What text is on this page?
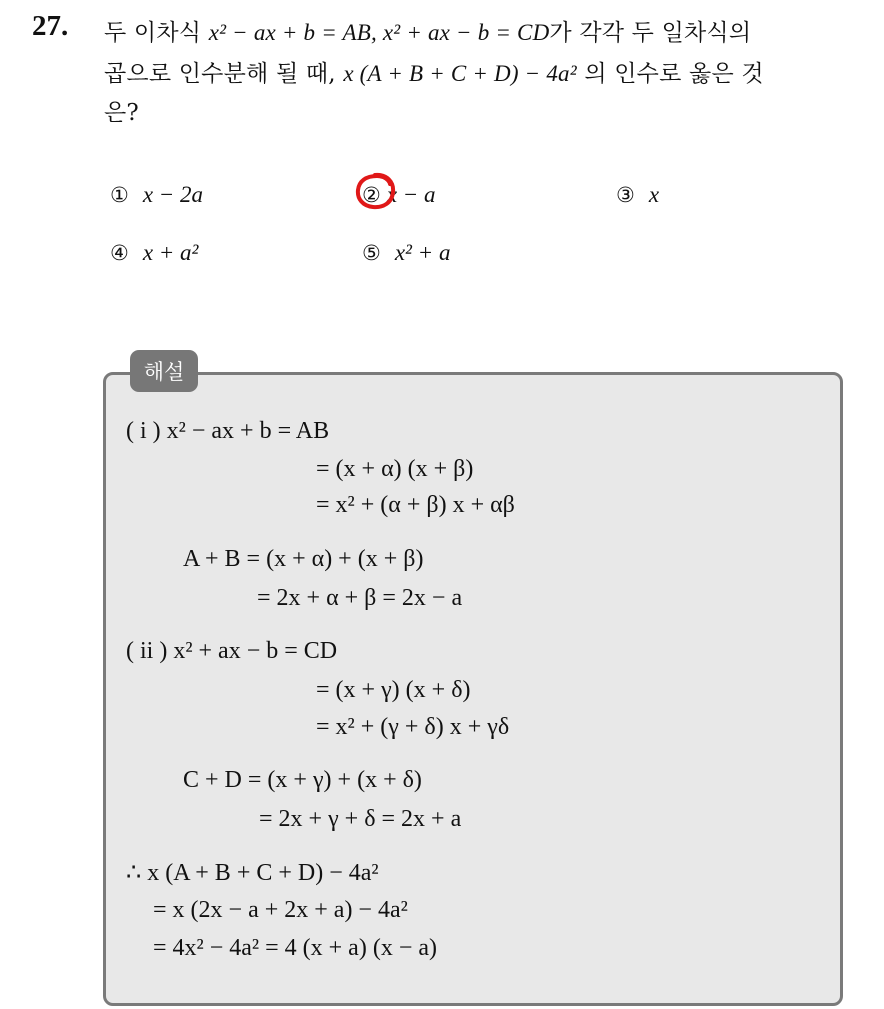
27. 두 이차식 x² − ax + b = AB, x² + ax − b = CD가 각각 두 일차식의
곱으로 인수분해 될 때, x (A + B + C + D) − 4a² 의 인수로 옳은 것
은?
① x − 2a	② x − a	③ x
④ x + a²	⑤ x² + a
해설
( i ) x² − ax + b = AB
= (x + α) (x + β)
= x² + (α + β) x + αβ
A + B = (x + α) + (x + β)
= 2x + α + β = 2x − a
( ii ) x² + ax − b = CD
= (x + γ) (x + δ)
= x² + (γ + δ) x + γδ
C + D = (x + γ) + (x + δ)
= 2x + γ + δ = 2x + a
∴ x (A + B + C + D) − 4a²
= x (2x − a + 2x + a) − 4a²
= 4x² − 4a² = 4 (x + a) (x − a)
